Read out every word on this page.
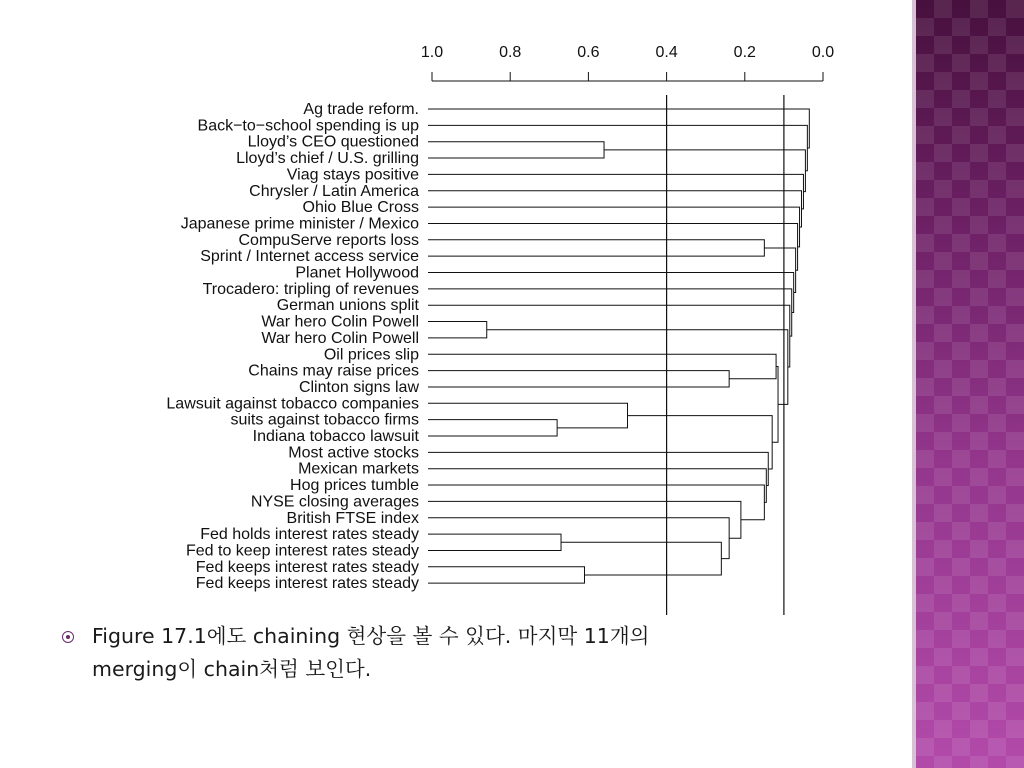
1.0	0.8	0.6	0.4	0.2	0.0
Ag trade reform.
Back−to−school spending is up
Lloyd’s CEO questioned
Lloyd’s chief / U.S. grilling
Viag stays positive
Chrysler / Latin America
Ohio Blue Cross
Japanese prime minister / Mexico
CompuServe reports loss
Sprint / Internet access service
Planet Hollywood
Trocadero: tripling of revenues
German unions split
War hero Colin Powell
War hero Colin Powell
Oil prices slip
Chains may raise prices
Clinton signs law
Lawsuit against tobacco companies
suits against tobacco firms
Indiana tobacco lawsuit
Most active stocks
Mexican markets
Hog prices tumble
NYSE closing averages
British FTSE index
Fed holds interest rates steady
Fed to keep interest rates steady
Fed keeps interest rates steady
Fed keeps interest rates steady
Figure 17.1에도 chaining 현상을 볼 수 있다. 마지막 11개의
merging이 chain처럼 보인다.
